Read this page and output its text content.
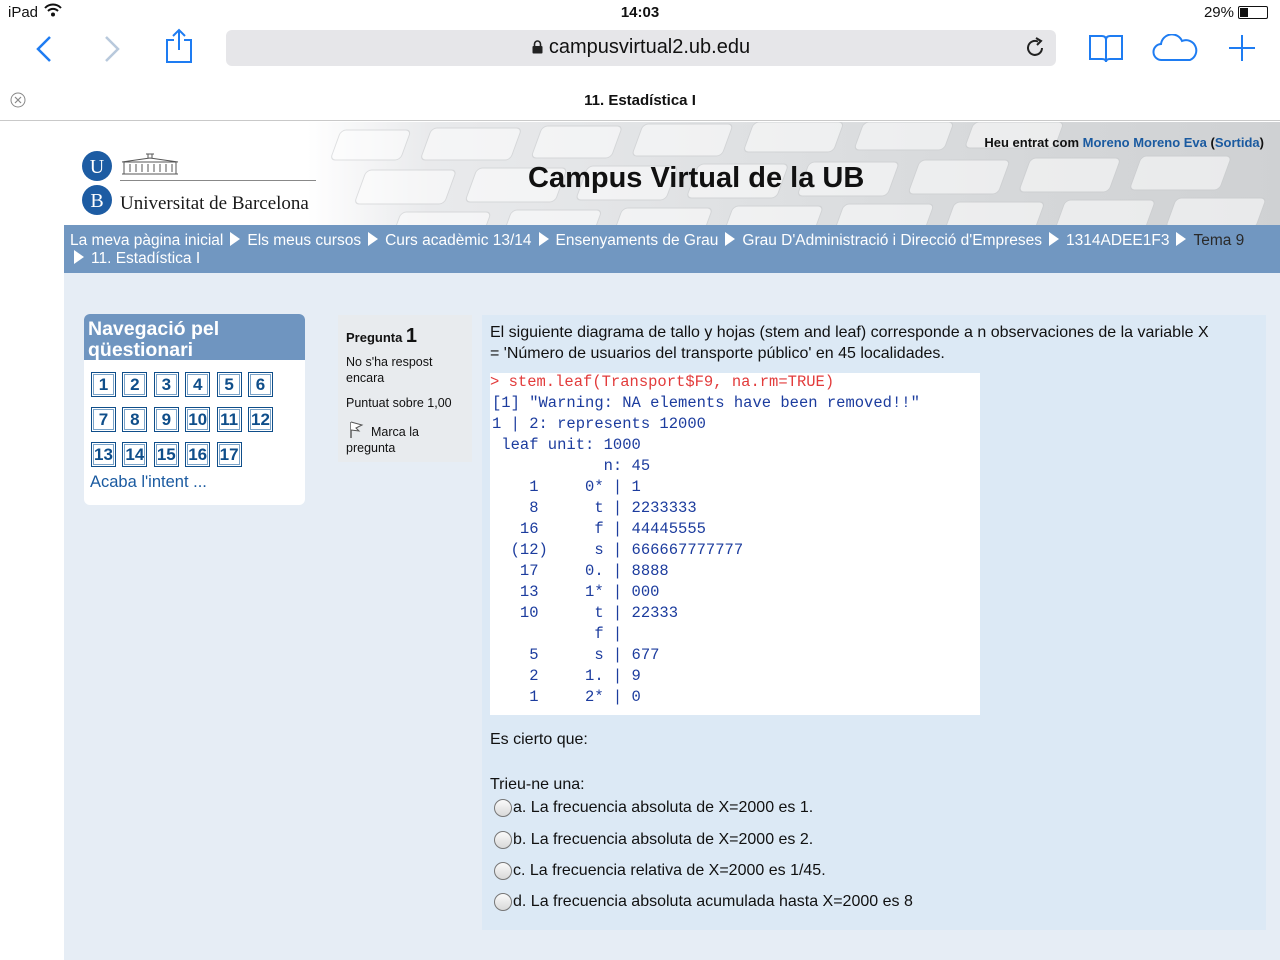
iPad	14:03	29%
campusvirtual2.ub.edu
11. Estadística I
U
B Universitat de Barcelona
Campus Virtual de la UB
Heu entrat com Moreno Moreno Eva (Sortida)
La meva pàgina inicial Els meus cursos Curs acadèmic 13/14 Ensenyaments de Grau Grau D'Administració i Direcció d'Empreses 1314ADEE1F3 Tema 9
11. Estadística I
Navegació pel
qüestionari
1	2	3	4	5	6
7	8	9	10 11 12
13 14 15 16 17
Acaba l'intent ...
Pregunta 1
No s'ha respost
encara
Puntuat sobre 1,00
Marca la
pregunta
El siguiente diagrama de tallo y hojas (stem and leaf) corresponde a n observaciones de la variable X
= 'Número de usuarios del transporte público' en 45 localidades.

> stem.leaf(Transport$F9, na.rm=TRUE)

[1] "Warning: NA elements have been removed!!"
1 | 2: represents 12000
leaf unit: 1000
n: 45
1     0* | 1
8      t | 2233333
16      f | 44445555
(12)     s | 666667777777
17     0. | 8888
13     1* | 000
10      t | 22333
f |
5      s | 677
2     1. | 9
1     2* | 0

Es cierto que:
Trieu-ne una:
a. La frecuencia absoluta de X=2000 es 1.
b. La frecuencia absoluta de X=2000 es 2.
c. La frecuencia relativa de X=2000 es 1/45.
d. La frecuencia absoluta acumulada hasta X=2000 es 8
